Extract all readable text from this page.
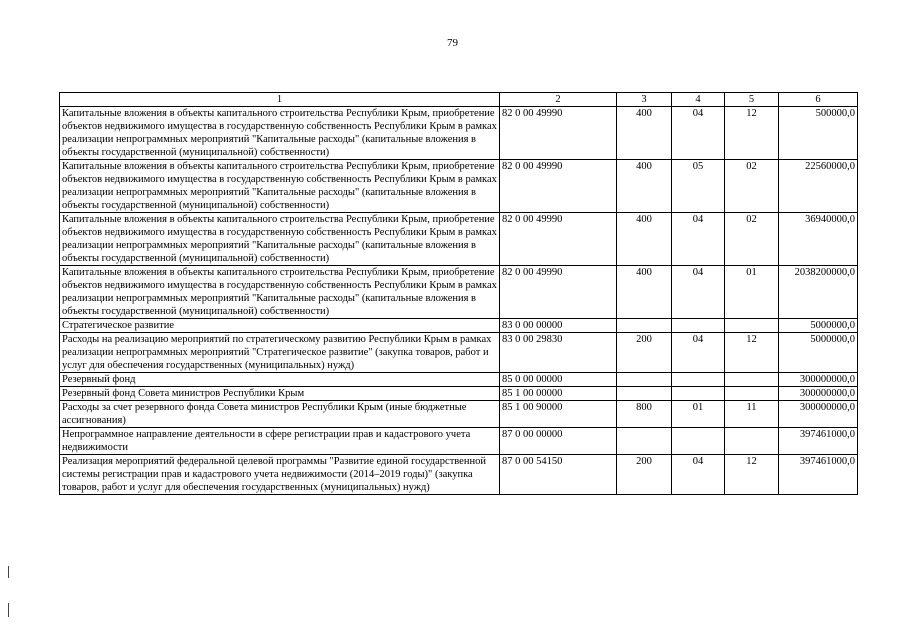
79
1	2	3	4	5	6
Капитальные вложения в объекты капитального строительства Республики Крым, приобретение объектов недвижимого имущества в государственную собственность Республики Крым в рамках реализации непрограммных мероприятий "Капитальные расходы" (капитальные вложения в объекты государственной (муниципальной) собственности)	82 0 00 49990	400	04	12	500000,0
Капитальные вложения в объекты капитального строительства Республики Крым, приобретение объектов недвижимого имущества в государственную собственность Республики Крым в рамках реализации непрограммных мероприятий "Капитальные расходы" (капитальные вложения в объекты государственной (муниципальной) собственности)	82 0 00 49990	400	05	02	22560000,0
Капитальные вложения в объекты капитального строительства Республики Крым, приобретение объектов недвижимого имущества в государственную собственность Республики Крым в рамках реализации непрограммных мероприятий "Капитальные расходы" (капитальные вложения в объекты государственной (муниципальной) собственности)	82 0 00 49990	400	04	02	36940000,0
Капитальные вложения в объекты капитального строительства Республики Крым, приобретение объектов недвижимого имущества в государственную собственность Республики Крым в рамках реализации непрограммных мероприятий "Капитальные расходы" (капитальные вложения в объекты государственной (муниципальной) собственности)	82 0 00 49990	400	04	01	2038200000,0
Стратегическое развитие	83 0 00 00000				5000000,0
Расходы на реализацию мероприятий по стратегическому развитию Республики Крым в рамках реализации непрограммных мероприятий "Стратегическое развитие" (закупка товаров, работ и услуг для обеспечения государственных (муниципальных) нужд)	83 0 00 29830	200	04	12	5000000,0
Резервный фонд	85 0 00 00000				300000000,0
Резервный фонд Совета министров Республики Крым	85 1 00 00000				300000000,0
Расходы за счет резервного фонда Совета министров Республики Крым (иные бюджетные ассигнования)	85 1 00 90000	800	01	11	300000000,0
Непрограммное направление деятельности в сфере регистрации прав и кадастрового учета недвижимости	87 0 00 00000				397461000,0
Реализация мероприятий федеральной целевой программы "Развитие единой государственной системы регистрации прав и кадастрового учета недвижимости (2014–2019 годы)" (закупка товаров, работ и услуг для обеспечения государственных (муниципальных) нужд)	87 0 00 54150	200	04	12	397461000,0
